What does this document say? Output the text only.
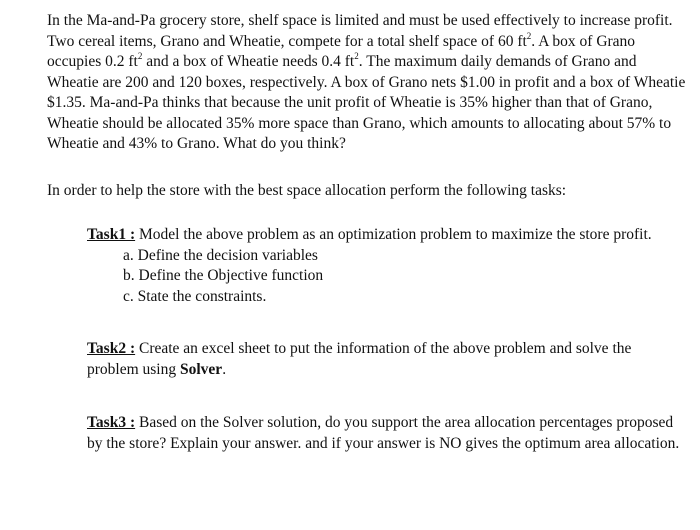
In the Ma-and-Pa grocery store, shelf space is limited and must be used effectively to increase profit. Two cereal items, Grano and Wheatie, compete for a total shelf space of 60 $ft^2$. A box of Grano occupies 0.2 $ft^2$ and a box of Wheatie needs 0.4 $ft^2$. The maximum daily demands of Grano and Wheatie are 200 and 120 boxes, respectively. A box of Grano nets $1.00 in profit and a box of Wheatie $1.35. Ma-and-Pa thinks that because the unit profit of Wheatie is 35% higher than that of Grano, Wheatie should be allocated 35% more space than Grano, which amounts to allocating about 57% to Wheatie and 43% to Grano. What do you think?

In order to help the store with the best space allocation perform the following tasks:

Task1 : Model the above problem as an optimization problem to maximize the store profit.

a. Define the decision variables
b. Define the Objective function
c. State the constraints.

Task2 : Create an excel sheet to put the information of the above problem and solve the problem using Solver.

Task3 : Based on the Solver solution, do you support the area allocation percentages proposed by the store? Explain your answer. and if your answer is NO gives the optimum area allocation.
